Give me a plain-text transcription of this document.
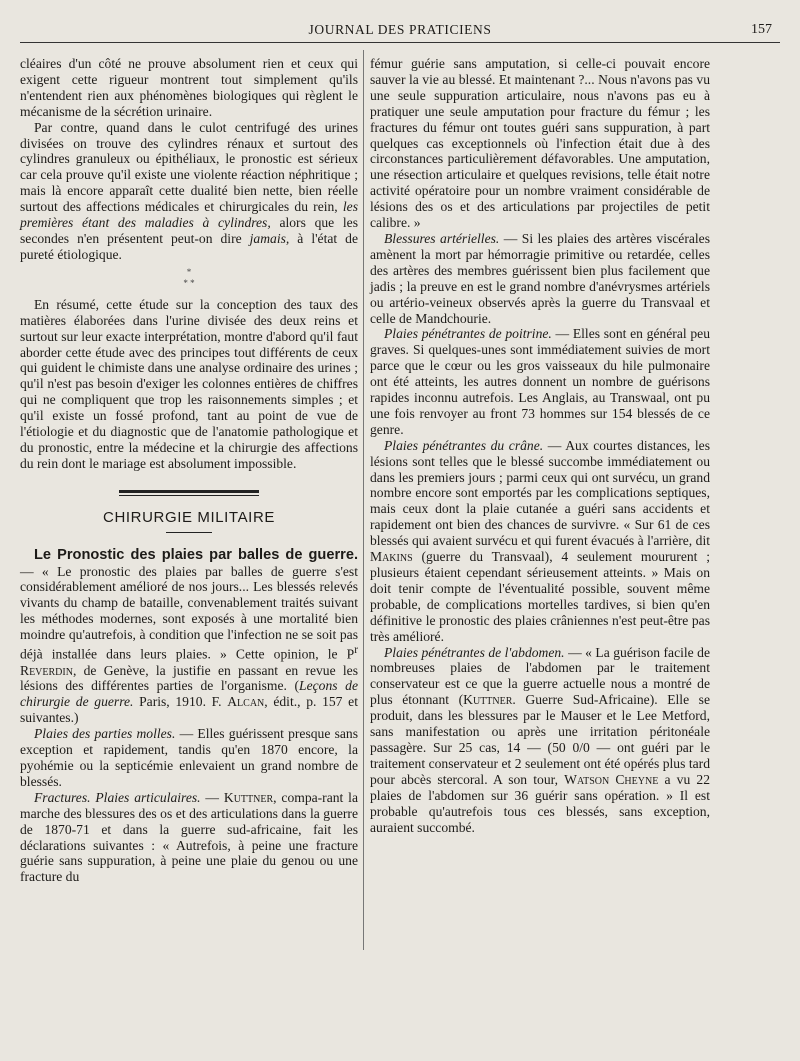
JOURNAL DES PRATICIENS	157

cléaires d'un côté ne prouve absolument rien et ceux qui exigent cette rigueur montrent tout simplement qu'ils n'entendent rien aux phénomènes biologiques qui règlent le mécanisme de la sécrétion urinaire.

Par contre, quand dans le culot centrifugé des urines divisées on trouve des cylindres rénaux et surtout des cylindres granuleux ou épithéliaux, le pronostic est sérieux car cela prouve qu'il existe une violente réaction néphritique ; mais là encore apparaît cette dualité bien nette, bien réelle surtout des affections médicales et chirurgicales du rein, les premières étant des maladies à cylindres, alors que les secondes n'en présentent peut-on dire jamais, à l'état de pureté étiologique.

*
* *

En résumé, cette étude sur la conception des taux des matières élaborées dans l'urine divisée des deux reins et surtout sur leur exacte interprétation, montre d'abord qu'il faut aborder cette étude avec des principes tout différents de ceux qui guident le chimiste dans une analyse ordinaire des urines ; qu'il n'est pas besoin d'exiger les colonnes entières de chiffres qui ne compliquent que trop les raisonnements simples ; et qu'il existe un fossé profond, tant au point de vue de l'étiologie et du diagnostic que de l'anatomie pathologique et du pronostic, entre la médecine et la chirurgie des affections du rein dont le mariage est absolument impossible.

CHIRURGIE MILITAIRE

Le Pronostic des plaies par balles de guerre. — « Le pronostic des plaies par balles de guerre s'est considérablement amélioré de nos jours... Les blessés relevés vivants du champ de bataille, convenablement traités suivant les méthodes modernes, sont exposés à une mortalité bien moindre qu'autrefois, à condition que l'infection ne se soit pas déjà installée dans leurs plaies. » Cette opinion, le $P^r$ Reverdin, de Genève, la justifie en passant en revue les lésions des différentes parties de l'organisme. (Leçons de chirurgie de guerre. Paris, 1910. F. Alcan, édit., p. 157 et suivantes.)

Plaies des parties molles. — Elles guérissent presque sans exception et rapidement, tandis qu'en 1870 encore, la pyohémie ou la septicémie enlevaient un grand nombre de blessés.

Fractures. Plaies articulaires. — Kuttner, compa-rant la marche des blessures des os et des articulations dans la guerre de 1870-71 et dans la guerre sud-africaine, fait les déclarations suivantes : « Autrefois, à peine une fracture guérie sans suppuration, à peine une plaie du genou ou une fracture du

fémur guérie sans amputation, si celle-ci pouvait encore sauver la vie au blessé. Et maintenant ?... Nous n'avons pas vu une seule suppuration articulaire, nous n'avons pas eu à pratiquer une seule amputation pour fracture du fémur ; les fractures du fémur ont toutes guéri sans suppuration, à part quelques cas exceptionnels où l'infection était due à des circonstances particulièrement défavorables. Une amputation, une résection articulaire et quelques revisions, telle était notre activité opératoire pour un nombre vraiment considérable de lésions des os et des articulations par projectiles de petit calibre. »

Blessures artérielles. — Si les plaies des artères viscérales amènent la mort par hémorragie primitive ou retardée, celles des artères des membres guérissent bien plus facilement que jadis ; la preuve en est le grand nombre d'anévrysmes artériels ou artério-veineux observés après la guerre du Transvaal et celle de Mandchourie.

Plaies pénétrantes de poitrine. — Elles sont en général peu graves. Si quelques-unes sont immédiatement suivies de mort parce que le cœur ou les gros vaisseaux du hile pulmonaire ont été atteints, les autres donnent un nombre de guérisons rapides inconnu autrefois. Les Anglais, au Transwaal, ont pu une fois renvoyer au front 73 hommes sur 154 blessés de ce genre.

Plaies pénétrantes du crâne. — Aux courtes distances, les lésions sont telles que le blessé succombe immédiatement ou dans les premiers jours ; parmi ceux qui ont survécu, un grand nombre encore sont emportés par les complications septiques, mais ceux dont la plaie cutanée a guéri sans accidents et rapidement ont bien des chances de survivre. « Sur 61 de ces blessés qui avaient survécu et qui furent évacués à l'arrière, dit Makins (guerre du Transvaal), 4 seulement moururent ; plusieurs étaient cependant sérieusement atteints. » Mais on doit tenir compte de l'éventualité possible, souvent même probable, de complications mortelles tardives, si bien qu'en définitive le pronostic des plaies crâniennes n'est peut-être pas très amélioré.

Plaies pénétrantes de l'abdomen. — « La guérison facile de nombreuses plaies de l'abdomen par le traitement conservateur est ce que la guerre actuelle nous a montré de plus étonnant (Kuttner. Guerre Sud-Africaine). Elle se produit, dans les blessures par le Mauser et le Lee Metford, sans manifestation ou après une irritation péritonéale passagère. Sur 25 cas, 14 — (50 0/0 — ont guéri par le traitement conservateur et 2 seulement ont été opérés plus tard pour abcès stercoral. A son tour, Watson Cheyne a vu 22 plaies de l'abdomen sur 36 guérir sans opération. » Il est probable qu'autrefois tous ces blessés, sans exception, auraient succombé.
